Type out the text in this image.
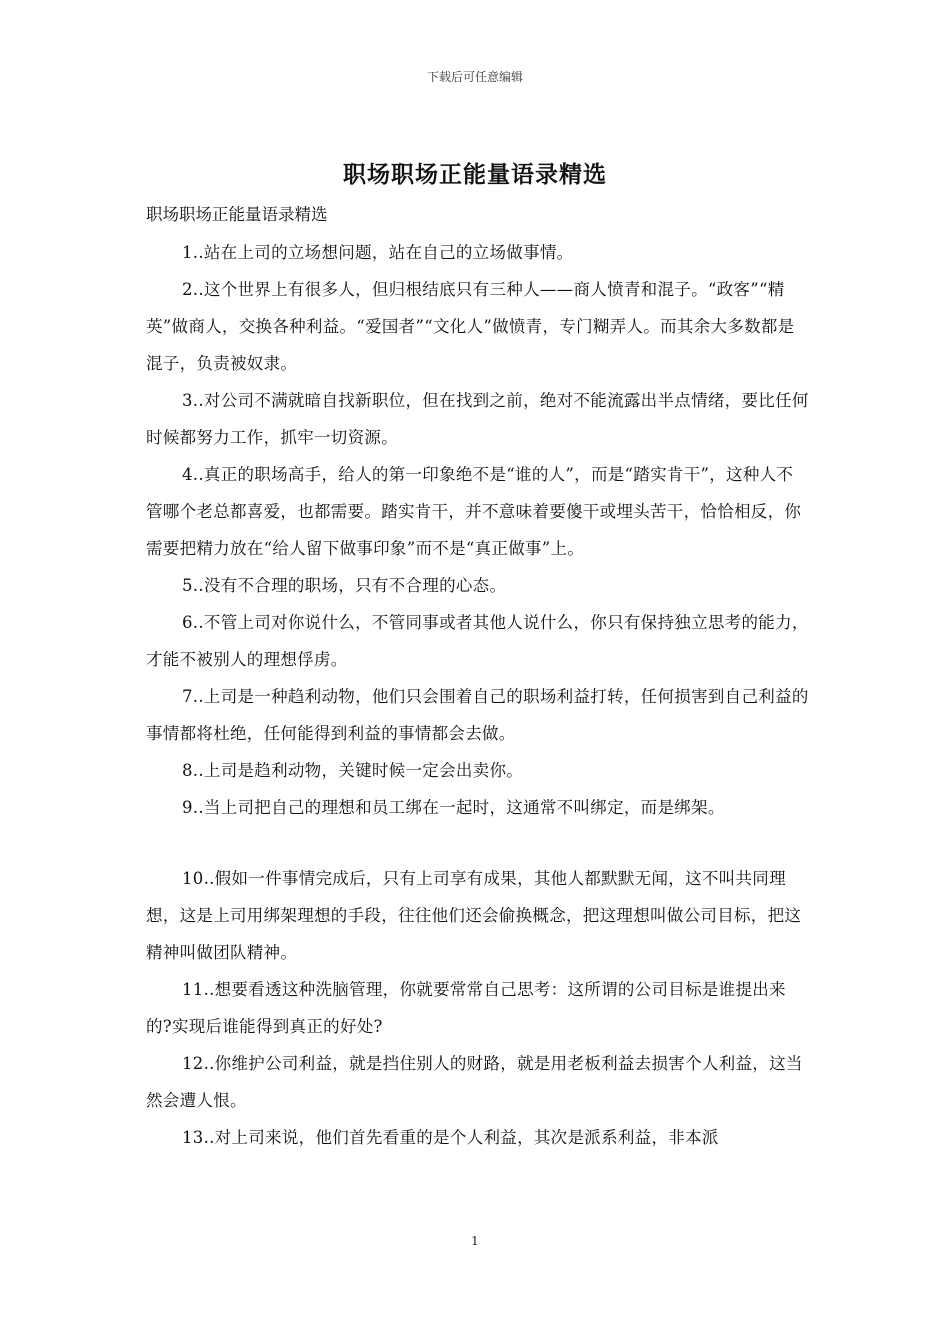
下载后可任意编辑
职场职场正能量语录精选
职场职场正能量语录精选

1..站在上司的立场想问题，站在自己的立场做事情。

2..这个世界上有很多人，但归根结底只有三种人——商人愤青和混子。“政客”“精英”做商人，交换各种利益。“爱国者”“文化人”做愤青，专门糊弄人。而其余大多数都是混子，负责被奴隶。

3..对公司不满就暗自找新职位，但在找到之前，绝对不能流露出半点情绪，要比任何时候都努力工作，抓牢一切资源。

4..真正的职场高手，给人的第一印象绝不是“谁的人”，而是“踏实肯干”，这种人不管哪个老总都喜爱，也都需要。踏实肯干，并不意味着要傻干或埋头苦干，恰恰相反，你需要把精力放在“给人留下做事印象”而不是“真正做事”上。

5..没有不合理的职场，只有不合理的心态。

6..不管上司对你说什么，不管同事或者其他人说什么，你只有保持独立思考的能力，才能不被别人的理想俘虏。

7..上司是一种趋利动物，他们只会围着自己的职场利益打转，任何损害到自己利益的事情都将杜绝，任何能得到利益的事情都会去做。

8..上司是趋利动物，关键时候一定会出卖你。

9..当上司把自己的理想和员工绑在一起时，这通常不叫绑定，而是绑架。

10..假如一件事情完成后，只有上司享有成果，其他人都默默无闻，这不叫共同理想，这是上司用绑架理想的手段，往往他们还会偷换概念，把这理想叫做公司目标，把这精神叫做团队精神。

11..想要看透这种洗脑管理，你就要常常自己思考：这所谓的公司目标是谁提出来的?实现后谁能得到真正的好处?

12..你维护公司利益，就是挡住别人的财路，就是用老板利益去损害个人利益，这当然会遭人恨。

13..对上司来说，他们首先看重的是个人利益，其次是派系利益，非本派

1
